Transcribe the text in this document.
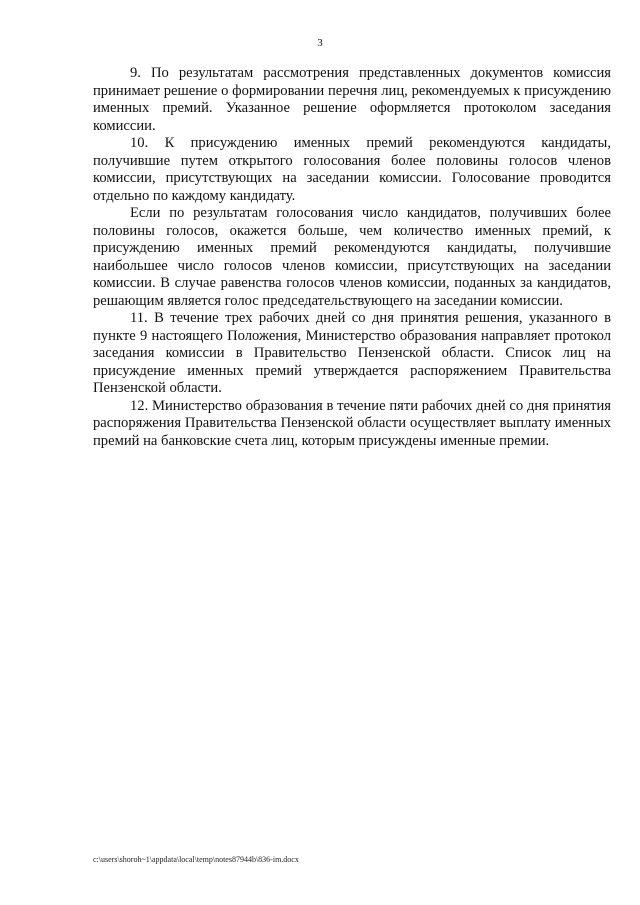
3

9. По результатам рассмотрения представленных документов комиссия принимает решение о формировании перечня лиц, рекомендуемых к присуждению именных премий. Указанное решение оформляется протоколом заседания комиссии.

10. К присуждению именных премий рекомендуются кандидаты, получившие путем открытого голосования более половины голосов членов комиссии, присутствующих на заседании комиссии. Голосование проводится отдельно по каждому кандидату.

Если по результатам голосования число кандидатов, получивших более половины голосов, окажется больше, чем количество именных премий, к присуждению именных премий рекомендуются кандидаты, получившие наибольшее число голосов членов комиссии, присутствующих на заседании комиссии. В случае равенства голосов членов комиссии, поданных за кандидатов, решающим является голос председательствующего на заседании комиссии.

11. В течение трех рабочих дней со дня принятия решения, указанного в пункте 9 настоящего Положения, Министерство образования направляет протокол заседания комиссии в Правительство Пензенской области. Список лиц на присуждение именных премий утверждается распоряжением Правительства Пензенской области.

12. Министерство образования в течение пяти рабочих дней со дня принятия распоряжения Правительства Пензенской области осуществляет выплату именных премий на банковские счета лиц, которым присуждены именные премии.

c:\users\shoroh~1\appdata\local\temp\notes87944b\836-im.docx
